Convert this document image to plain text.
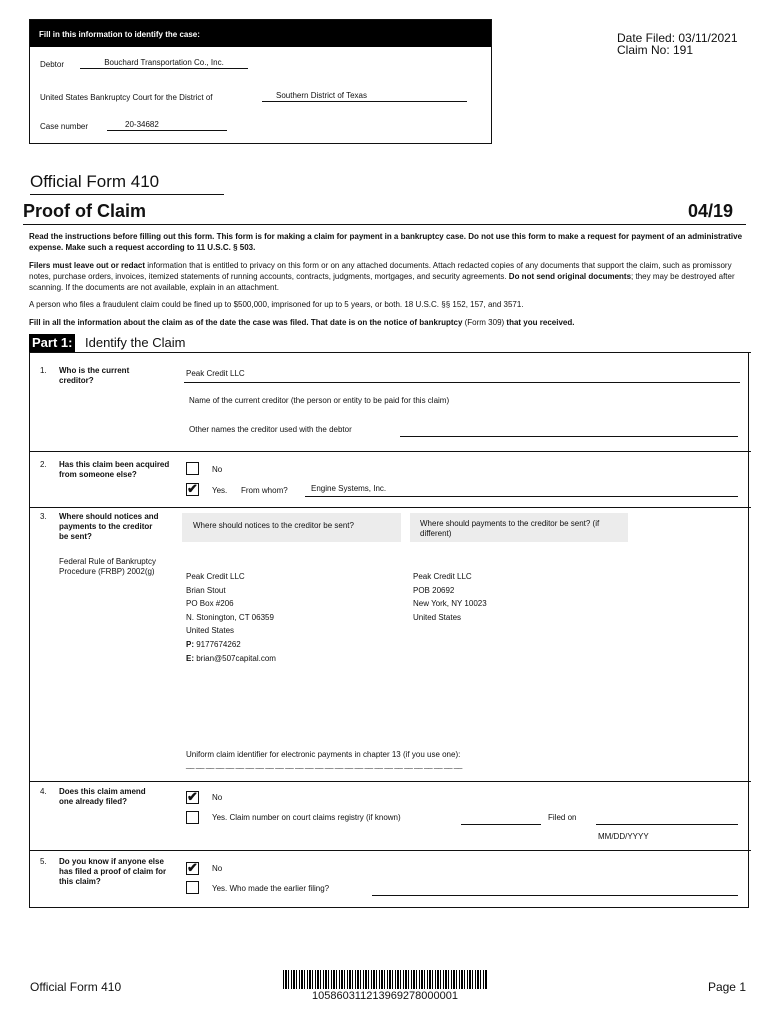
Fill in this information to identify the case:
Debtor	Bouchard Transportation Co., Inc.
United States Bankruptcy Court for the District of	Southern District of Texas
Case number	20-34682
Date Filed: 03/11/2021
Claim No: 191
Official Form 410
Proof of Claim	04/19
Read the instructions before filling out this form. This form is for making a claim for payment in a bankruptcy case. Do not use this form to make a request for payment of an administrative expense. Make such a request according to 11 U.S.C. § 503.
Filers must leave out or redact information that is entitled to privacy on this form or on any attached documents. Attach redacted copies of any documents that support the claim, such as promissory notes, purchase orders, invoices, itemized statements of running accounts, contracts, judgments, mortgages, and security agreements. Do not send original documents; they may be destroyed after scanning. If the documents are not available, explain in an attachment.
A person who files a fraudulent claim could be fined up to $500,000, imprisoned for up to 5 years, or both. 18 U.S.C. §§ 152, 157, and 3571.
Fill in all the information about the claim as of the date the case was filed. That date is on the notice of bankruptcy (Form 309) that you received.
Part 1: Identify the Claim
1. Who is the current creditor?
Peak Credit LLC
Name of the current creditor (the person or entity to be paid for this claim)
Other names the creditor used with the debtor
2. Has this claim been acquired from someone else?
No
✔
Yes. From whom?	Engine Systems, Inc.
3. Where should notices and payments to the creditor be sent?
Federal Rule of Bankruptcy Procedure (FRBP) 2002(g)
Where should notices to the creditor be sent?	Where should payments to the creditor be sent? (if different)
Peak Credit LLC
Brian Stout
PO Box #206
N. Stonington, CT 06359
United States
P: 9177674262
E: brian@507capital.com
Peak Credit LLC
POB 20692
New York, NY 10023
United States
Uniform claim identifier for electronic payments in chapter 13 (if you use one):
__ __ __ __ __ __ __ __ __ __ __ __ __ __ __ __ __ __ __ __ __ __ __ __ __ __ __ __
4. Does this claim amend one already filed?
✔	No
Yes. Claim number on court claims registry (if known)	Filed on
MM/DD/YYYY
5. Do you know if anyone else has filed a proof of claim for this claim?
✔
No
Yes. Who made the earlier filing?
Official Form 410
105860311213969278000001
Page 1
